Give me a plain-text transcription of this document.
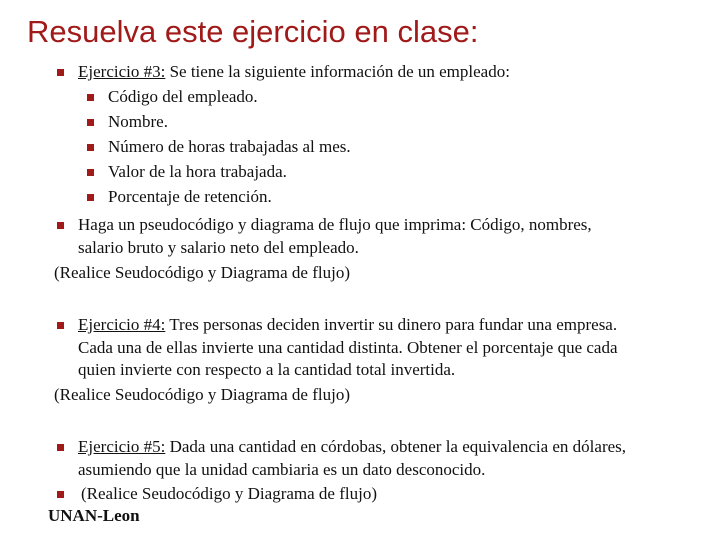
Resuelva este ejercicio en clase:
Ejercicio #3: Se tiene la siguiente información de un empleado:
Código del empleado.
Nombre.
Número de horas trabajadas al mes.
Valor de la hora trabajada.
Porcentaje de retención.
Haga un pseudocódigo y diagrama de flujo que imprima: Código, nombres,
salario bruto y salario neto del empleado.
(Realice Seudocódigo y Diagrama de flujo)
Ejercicio #4: Tres personas deciden invertir su dinero para fundar una empresa.
Cada una de ellas invierte una cantidad distinta. Obtener el porcentaje que cada
quien invierte con respecto a la cantidad total invertida.
(Realice Seudocódigo y Diagrama de flujo)
Ejercicio #5: Dada una cantidad en córdobas, obtener la equivalencia en dólares,
asumiendo que la unidad cambiaria es un dato desconocido.
(Realice Seudocódigo y Diagrama de flujo)
UNAN-Leon
